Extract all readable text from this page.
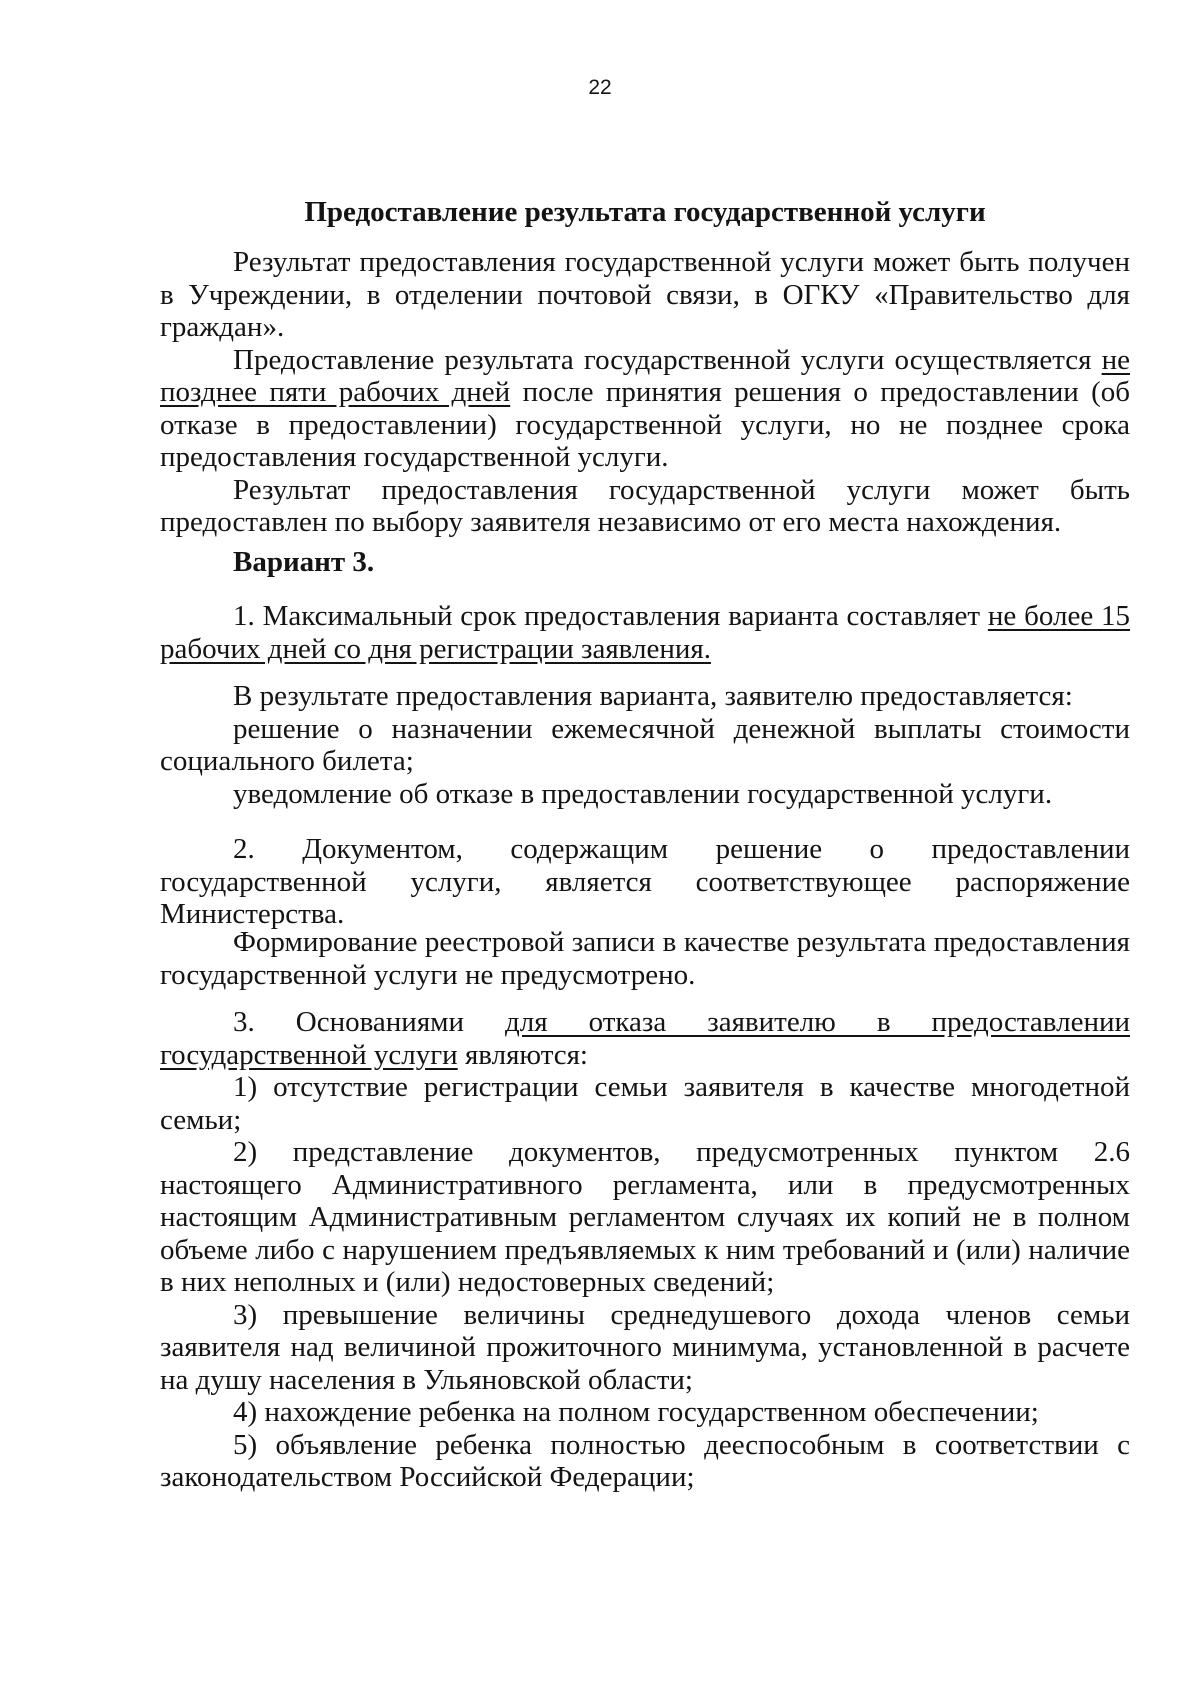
22
Предоставление результата государственной услуги

Результат предоставления государственной услуги может быть получен в Учреждении, в отделении почтовой связи, в ОГКУ «Правительство для граждан».

Предоставление результата государственной услуги осуществляется не позднее пяти рабочих дней после принятия решения о предоставлении (об отказе в предоставлении) государственной услуги, но не позднее срока предоставления государственной услуги.

Результат предоставления государственной услуги может быть предоставлен по выбору заявителя независимо от его места нахождения.

Вариант 3.

1. Максимальный срок предоставления варианта составляет не более 15 рабочих дней со дня регистрации заявления.

В результате предоставления варианта, заявителю предоставляется:

решение о назначении ежемесячной денежной выплаты стоимости социального билета;

уведомление об отказе в предоставлении государственной услуги.

2. Документом, содержащим решение о предоставлении государственной услуги, является соответствующее распоряжение Министерства.

Формирование реестровой записи в качестве результата предоставления государственной услуги не предусмотрено.

3. Основаниями для отказа заявителю в предоставлении государственной услуги являются:

1) отсутствие регистрации семьи заявителя в качестве многодетной семьи;

2) представление документов, предусмотренных пунктом 2.6 настоящего Административного регламента, или в предусмотренных настоящим Административным регламентом случаях их копий не в полном объеме либо с нарушением предъявляемых к ним требований и (или) наличие в них неполных и (или) недостоверных сведений;

3) превышение величины среднедушевого дохода членов семьи заявителя над величиной прожиточного минимума, установленной в расчете на душу населения в Ульяновской области;

4) нахождение ребенка на полном государственном обеспечении;

5) объявление ребенка полностью дееспособным в соответствии с законодательством Российской Федерации;
